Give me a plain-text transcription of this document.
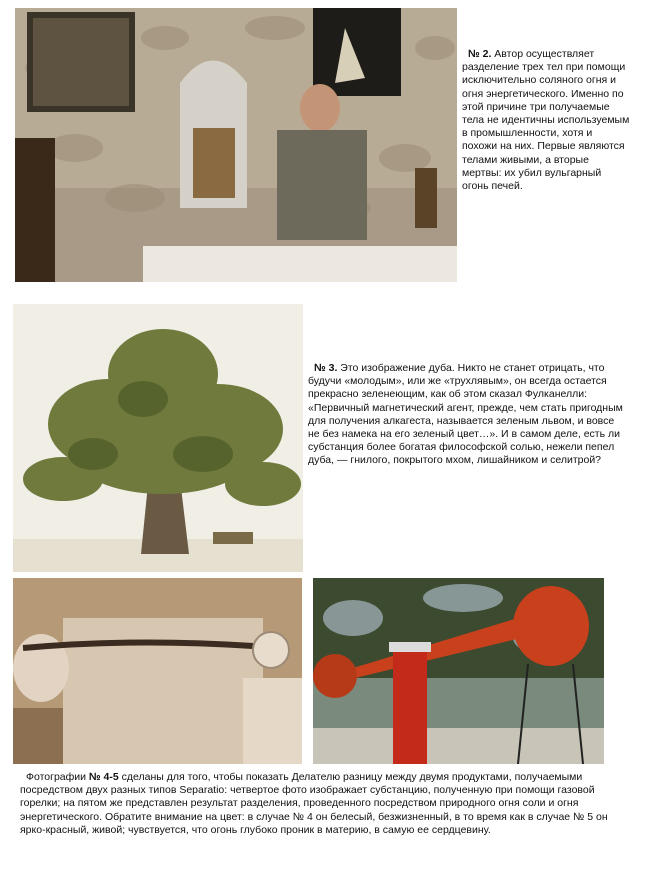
№ 2. Автор осуществляет разделение трех тел при помощи исключительно соляного огня и огня энергетического. Именно по этой причине три получаемые тела не идентичны используемым в промышленности, хотя и похожи на них. Первые являются телами живыми, а вторые мертвы: их убил вульгарный огонь печей.

№ 3. Это изображение дуба. Никто не станет отрицать, что будучи «молодым», или же «трухлявым», он всегда остается прекрасно зеленеющим, как об этом сказал Фулканелли: «Первичный магнетический агент, прежде, чем стать пригодным для получения алкагеста, называется зеленым львом, и вовсе не без намека на его зеленый цвет…». И в самом деле, есть ли субстанция более богатая философской солью, нежели пепел дуба, — гнилого, покрытого мхом, лишайником и селитрой?

Фотографии № 4-5 сделаны для того, чтобы показать Делателю разницу между двумя продуктами, получаемыми посредством двух разных типов Separatio: четвертое фото изображает субстанцию, полученную при помощи газовой горелки; на пятом же представлен результат разделения, проведенного посредством природного огня соли и огня энергетического. Обратите внимание на цвет: в случае № 4 он белесый, безжизненный, в то время как в случае № 5 он ярко-красный, живой; чувствуется, что огонь глубоко проник в материю, в самую ее сердцевину.
